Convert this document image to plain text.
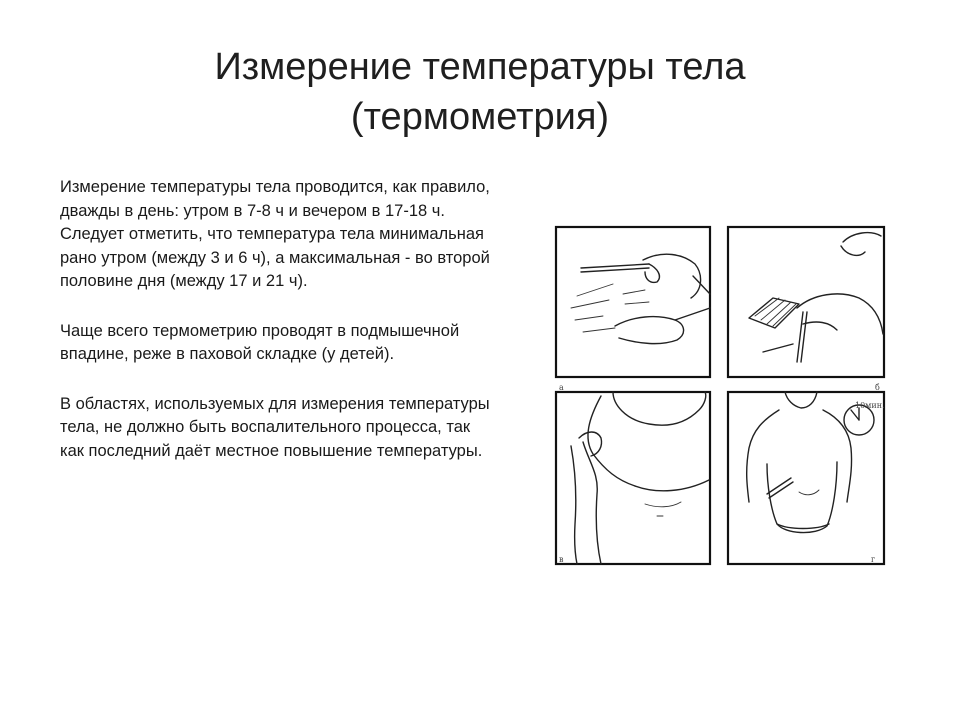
Измерение температуры тела
(термометрия)

Измерение температуры тела проводится, как правило, дважды в день: утром в 7-8 ч и вечером в 17-18 ч. Следует отметить, что температура тела минимальная рано утром (между 3 и 6 ч), а максимальная - во второй половине дня (между 17 и 21 ч).

Чаще всего термометрию проводят в подмышечной впадине, реже в паховой складке (у детей).

В областях, используемых для измерения температуры тела, не должно быть воспалительного процесса, так как последний даёт местное повышение температуры.

а	б
в
10мин.
г
